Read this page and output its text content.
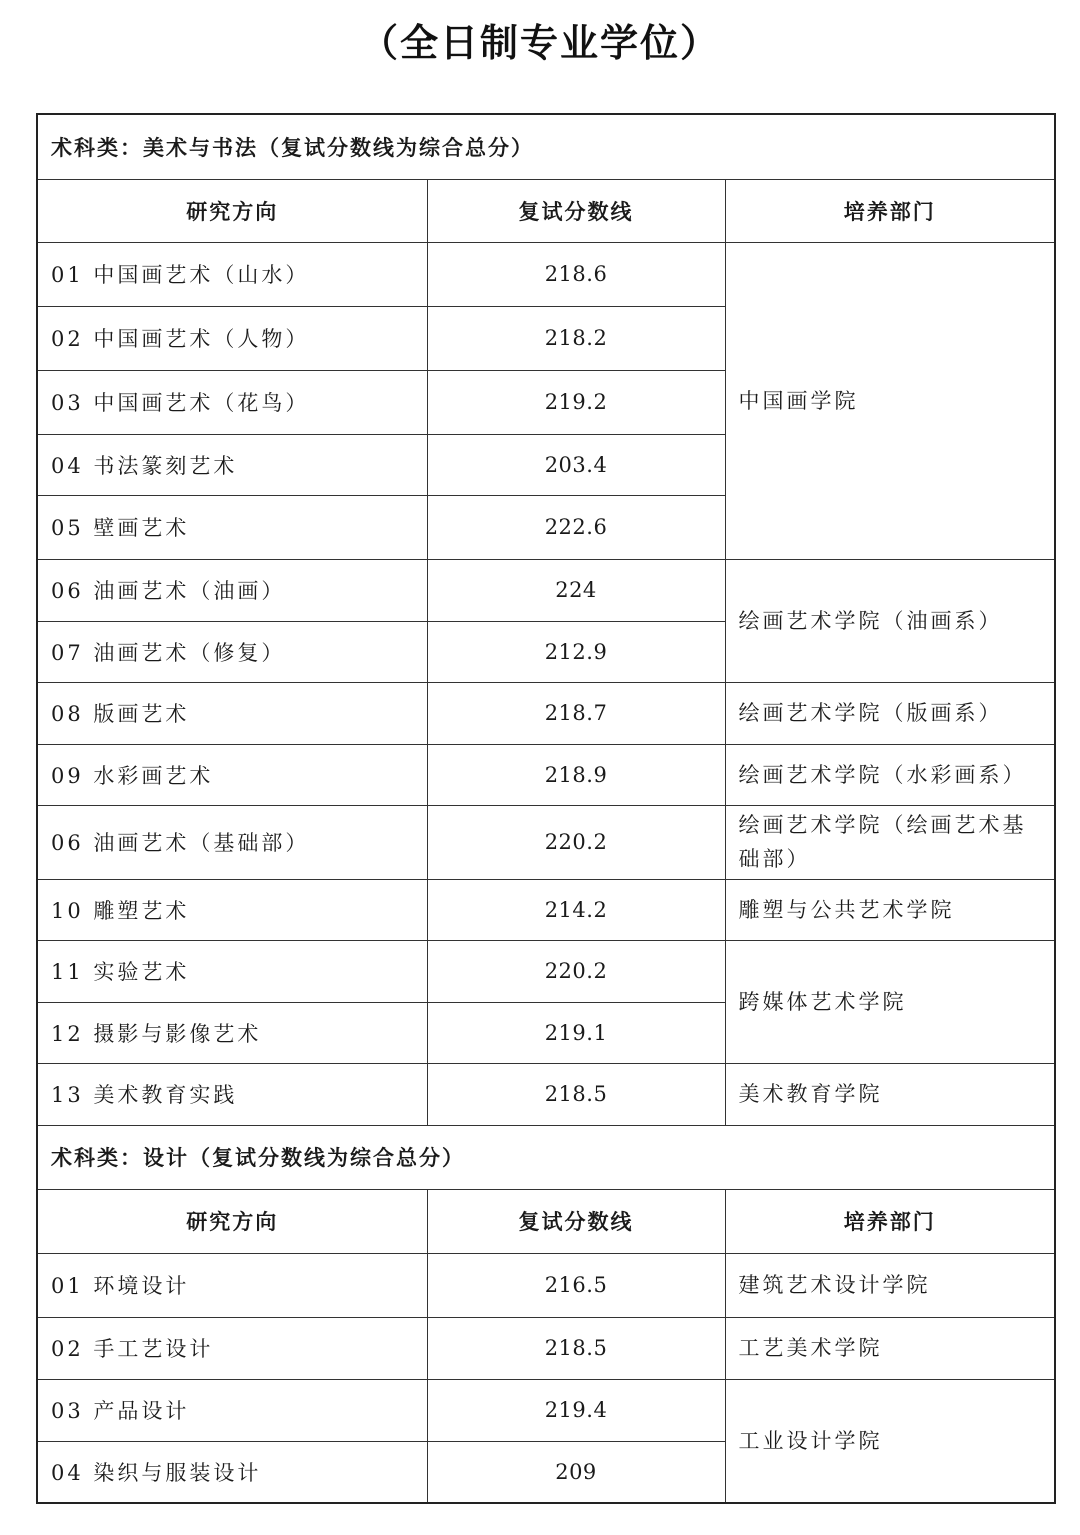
（全日制专业学位）
术科类：美术与书法（复试分数线为综合总分）		
研究方向	复试分数线	培养部门
01 中国画艺术（山水）	218.6	中国画学院
02 中国画艺术（人物）	218.2	
03 中国画艺术（花鸟）	219.2	
04 书法篆刻艺术	203.4	
05 壁画艺术	222.6	
06 油画艺术（油画）	224	绘画艺术学院（油画系）
07 油画艺术（修复）	212.9	
08 版画艺术	218.7	绘画艺术学院（版画系）
09 水彩画艺术	218.9	绘画艺术学院（水彩画系）
06 油画艺术（基础部）	220.2	绘画艺术学院（绘画艺术基础部）
10 雕塑艺术	214.2	雕塑与公共艺术学院
11 实验艺术	220.2	跨媒体艺术学院
12 摄影与影像艺术	219.1	
13 美术教育实践	218.5	美术教育学院
术科类：设计（复试分数线为综合总分）		
研究方向	复试分数线	培养部门
01 环境设计	216.5	建筑艺术设计学院
02 手工艺设计	218.5	工艺美术学院
03 产品设计	219.4	工业设计学院
04 染织与服装设计	209	
